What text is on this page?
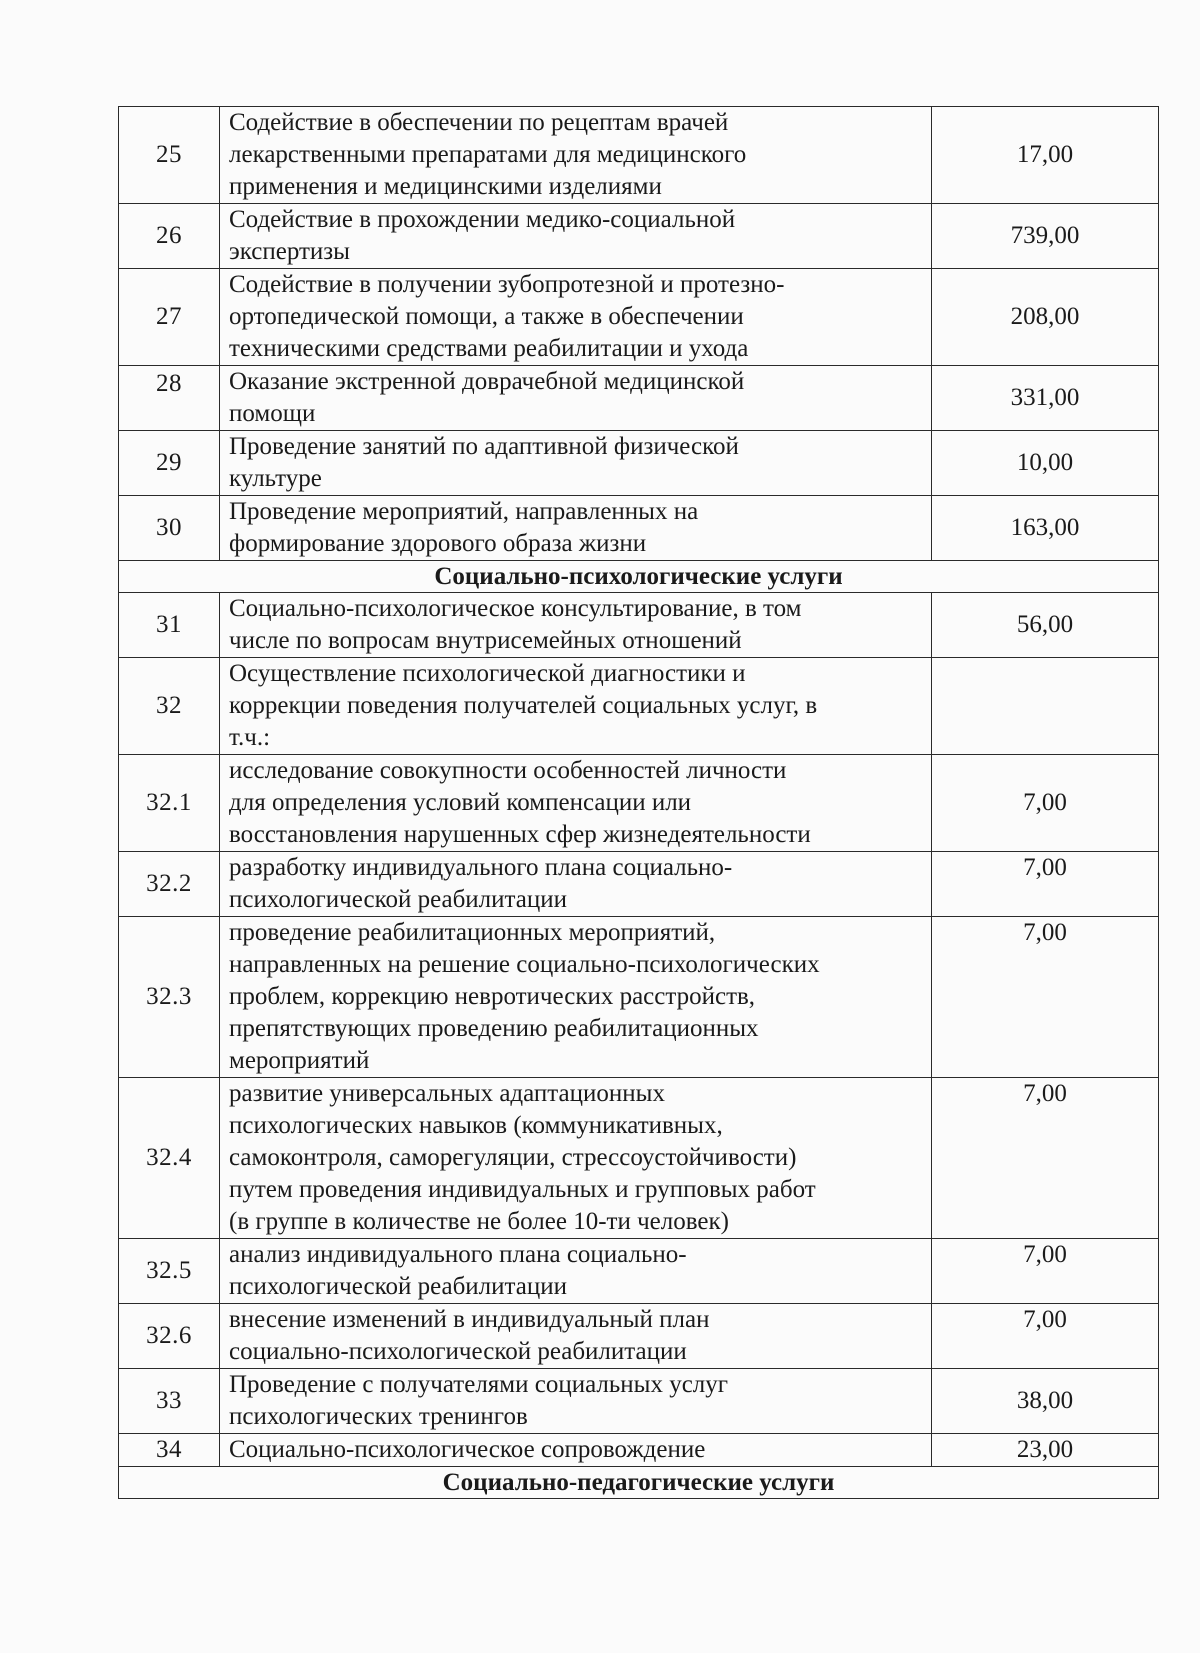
25	Содействие в обеспечении по рецептам врачей
лекарственными препаратами для медицинского
применения и медицинскими изделиями	17,00
26	Содействие в прохождении медико-социальной
экспертизы	739,00
27	Содействие в получении зубопротезной и протезно-
ортопедической помощи, а также в обеспечении
техническими средствами реабилитации и ухода	208,00
28	Оказание экстренной доврачебной медицинской
помощи	331,00
29	Проведение занятий по адаптивной физической
культуре	10,00
30	Проведение мероприятий, направленных на
формирование здорового образа жизни	163,00
Социально-психологические услуги		
31	Социально-психологическое консультирование, в том
числе по вопросам внутрисемейных отношений	56,00
32	Осуществление психологической диагностики и
коррекции поведения получателей социальных услуг, в
т.ч.:	

32.1	исследование совокупности особенностей личности
для определения условий компенсации или
восстановления нарушенных сфер жизнедеятельности	7,00
32.2	разработку индивидуального плана социально-
психологической реабилитации	7,00
32.3	проведение реабилитационных мероприятий,
направленных на решение социально-психологических
проблем, коррекцию невротических расстройств,
препятствующих проведению реабилитационных
мероприятий	7,00
32.4	развитие универсальных адаптационных
психологических навыков (коммуникативных,
самоконтроля, саморегуляции, стрессоустойчивости)
путем проведения индивидуальных и групповых работ
(в группе в количестве не более 10-ти человек)	7,00
32.5	анализ индивидуального плана социально-
психологической реабилитации	7,00
32.6	внесение изменений в индивидуальный план
социально-психологической реабилитации	7,00
33	Проведение с получателями социальных услуг
психологических тренингов	38,00
34	Социально-психологическое сопровождение	23,00
Социально-педагогические услуги		
